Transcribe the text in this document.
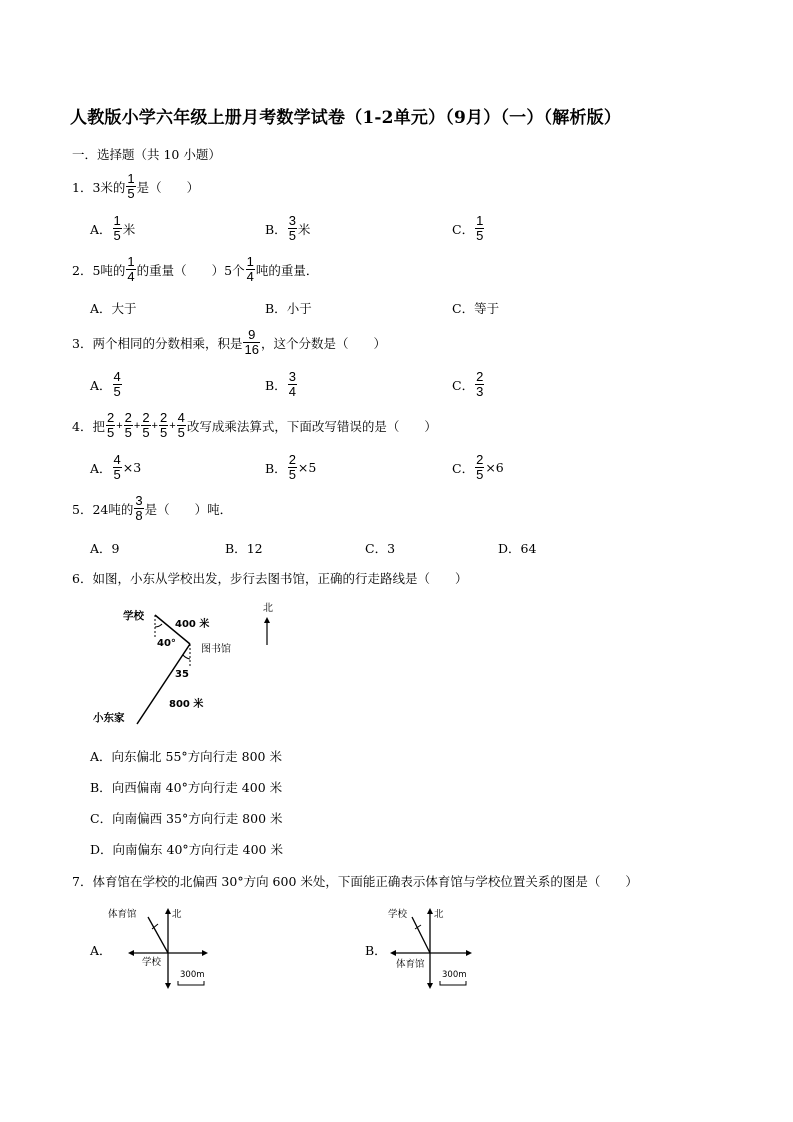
人教版小学六年级上册月考数学试卷（1-2单元）（9月）（一）（解析版）
一．选择题（共 10 小题）
1． 3米的 $\frac{1}{5}$ 是（　　）
A． $\frac{1}{5}$ 米	B． $\frac{3}{5}$ 米	C． $\frac{1}{5}$
2． 5吨的 $\frac{1}{4}$ 的重量（　　）5个 $\frac{1}{4}$ 吨的重量．
A． 大于	B． 小于	C． 等于
3． 两个相同的分数相乘，积是 $\frac{9}{16}$ ，这个分数是（　　）
A． $\frac{4}{5}$	B． $\frac{3}{4}$	C． $\frac{2}{3}$
4． 把 $\frac{2}{5} + \frac{2}{5} + \frac{2}{5} + \frac{2}{5} + \frac{4}{5}$ 改写成乘法算式，下面改写错误的是（　　）
A． $\frac{4}{5} \times 3$	B． $\frac{2}{5} \times 5$	C． $\frac{2}{5} \times 6$
5． 24吨的 $\frac{3}{8}$ 是（　　）吨．
A． 9	B． 12	C． 3	D． 64
6． 如图，小东从学校出发，步行去图书馆，正确的行走路线是（　　）
学校
400 米
40°
图书馆
35
800 米
小东家
北
A． 向东偏北 55°方向行走 800 米
B． 向西偏南 40°方向行走 400 米
C． 向南偏西 35°方向行走 800 米
D． 向南偏东 40°方向行走 400 米
7． 体育馆在学校的北偏西 30°方向 600 米处，下面能正确表示体育馆与学校位置关系的图是（　　）
A．
体育馆	北
学校
300m
B．
学校	北
体育馆
300m
